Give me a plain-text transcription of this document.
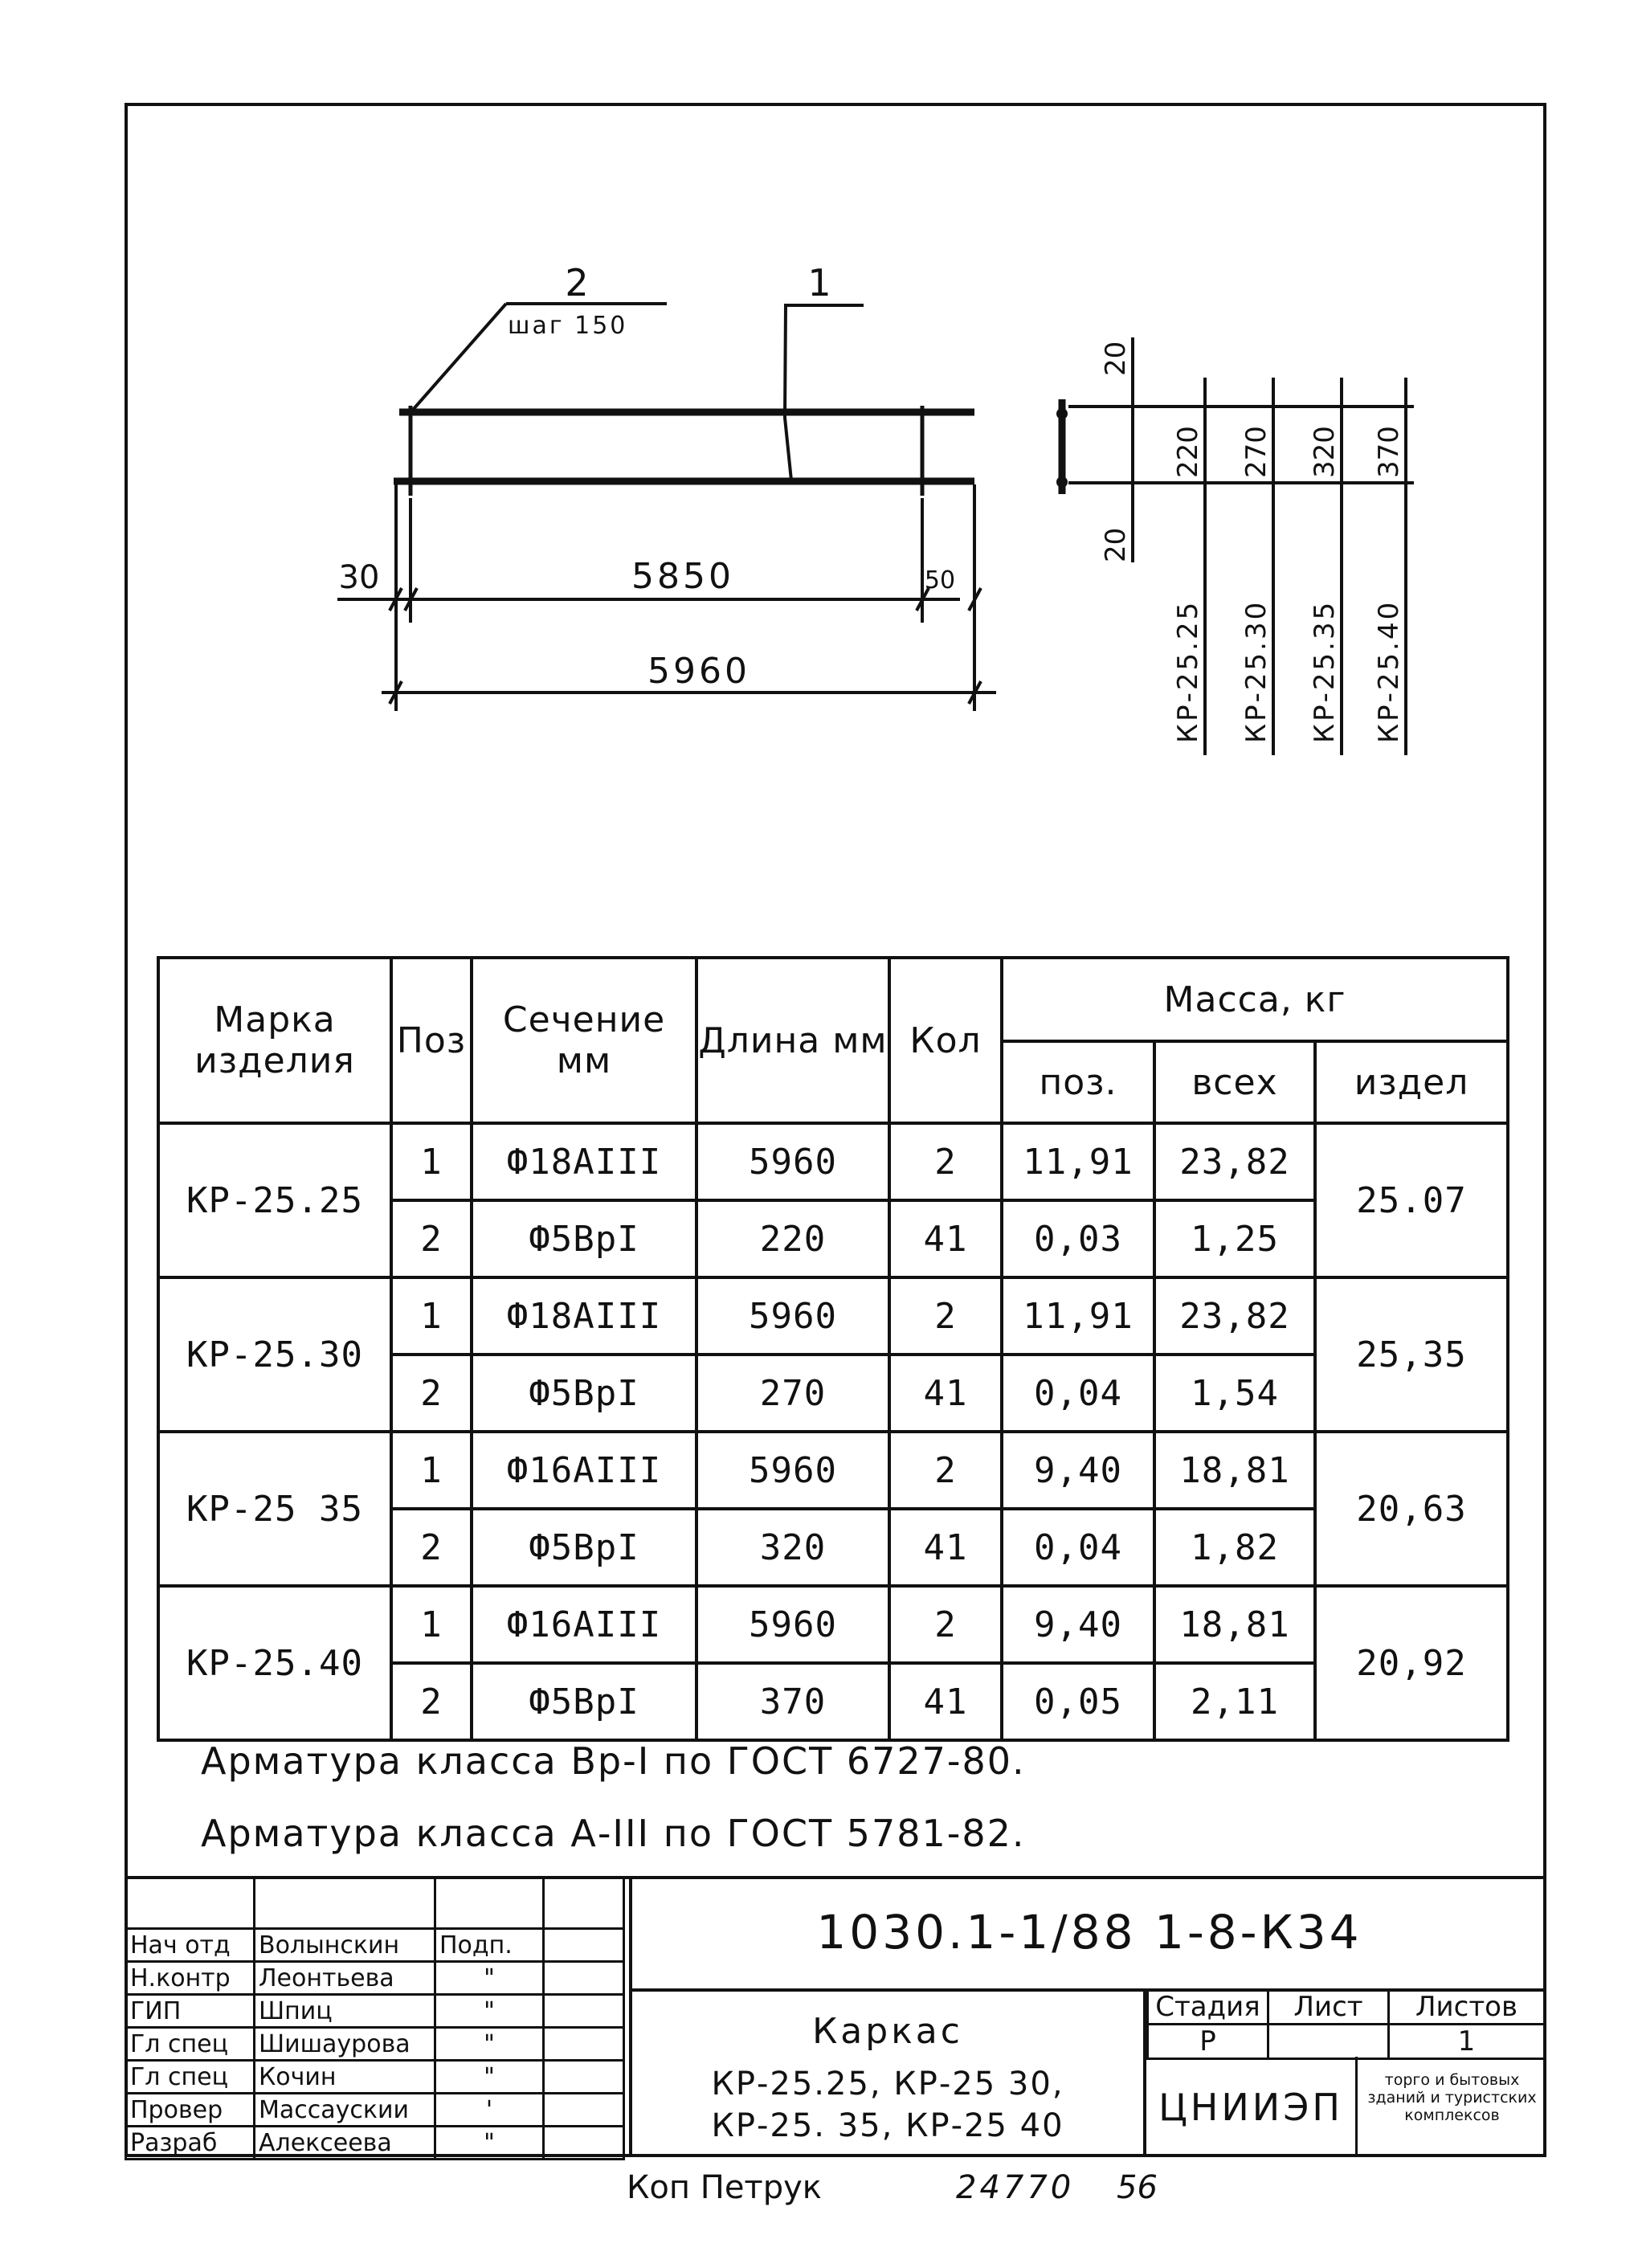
2
шаг 150
1
30	5850	50
5960
20
20
220 270 320 370
КР-25.25 КР-25.30 КР-25.35 КР-25.40
Марка изделия	Поз	Сечение мм	Длина мм	Кол	Масса, кг		
					поз.	всех	издел
КР-25.25	1	Ф18АIII	5960	2	11,91	23,82	25.07
	2	Ф5ВрI	220	41	0,03	1,25	
КР-25.30	1	Ф18АIII	5960	2	11,91	23,82	25,35
	2	Ф5ВрI	270	41	0,04	1,54	
КР-25 35	1	Ф16АIII	5960	2	9,40	18,81	20,63
	2	Ф5ВрI	320	41	0,04	1,82	
КР-25.40	1	Ф16АIII	5960	2	9,40	18,81	20,92
	2	Ф5ВрI	370	41	0,05	2,11	
Арматура класса Вр-I по ГОСТ 6727-80.
Арматура класса А-III по ГОСТ 5781-82.

Нач отд	Волынскин	Подп.	
Н.контр	Леонтьева	"	
ГИП	Шпиц	"	
Гл спец	Шишаурова	"	
Гл спец	Кочин	"	
Провер	Массаускии	'	
Разраб	Алексеева	"	
1030.1-1/88 1-8-К34
Каркас
КР-25.25, КР-25 30, КР-25. 35, КР-25 40
Стадия	Лист	Листов
Р		1
ЦНИИЭП
торго и бытовых зданий и туристских комплексов
Коп Петрук	24770 56
